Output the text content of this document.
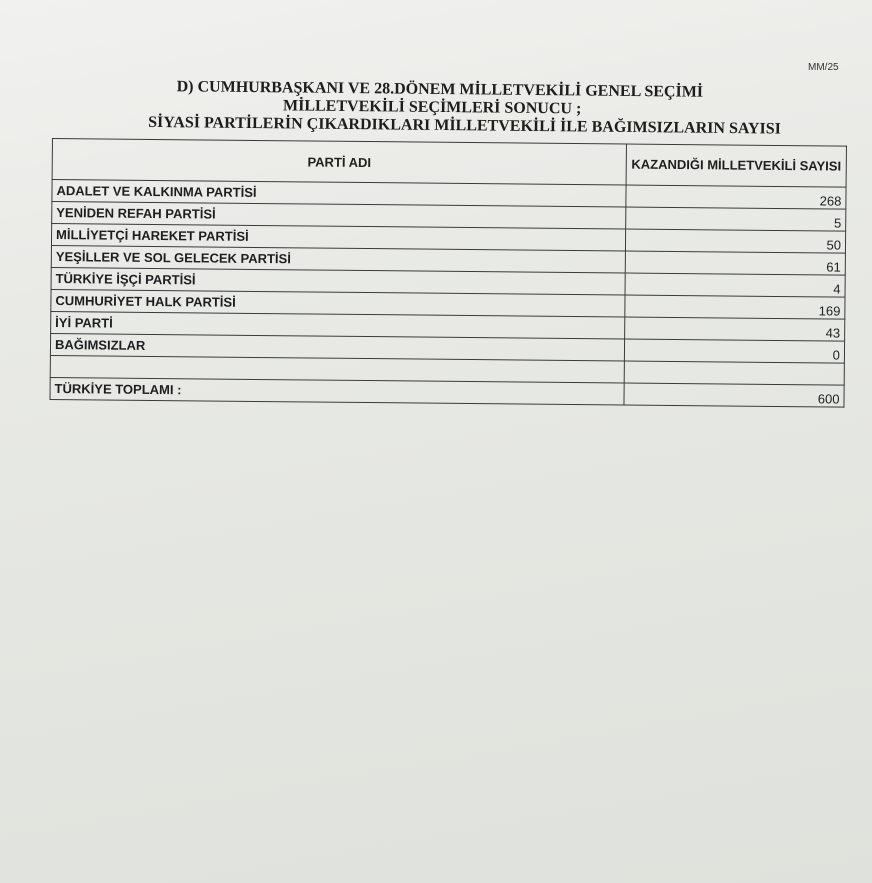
MM/25
D) CUMHURBAŞKANI VE 28.DÖNEM MİLLETVEKİLİ GENEL SEÇİMİ
MİLLETVEKİLİ SEÇİMLERİ SONUCU ;
SİYASİ PARTİLERİN ÇIKARDIKLARI MİLLETVEKİLİ İLE BAĞIMSIZLARIN SAYISI
PARTİ ADI	KAZANDIĞI MİLLETVEKİLİ SAYISI
ADALET VE KALKINMA PARTİSİ	268
YENİDEN REFAH PARTİSİ	5
MİLLİYETÇİ HAREKET PARTİSİ	50
YEŞİLLER VE SOL GELECEK PARTİSİ	61
TÜRKİYE İŞÇİ PARTİSİ	4
CUMHURİYET HALK PARTİSİ	169
İYİ PARTİ	43
BAĞIMSIZLAR	0

TÜRKİYE TOPLAMI :	600
